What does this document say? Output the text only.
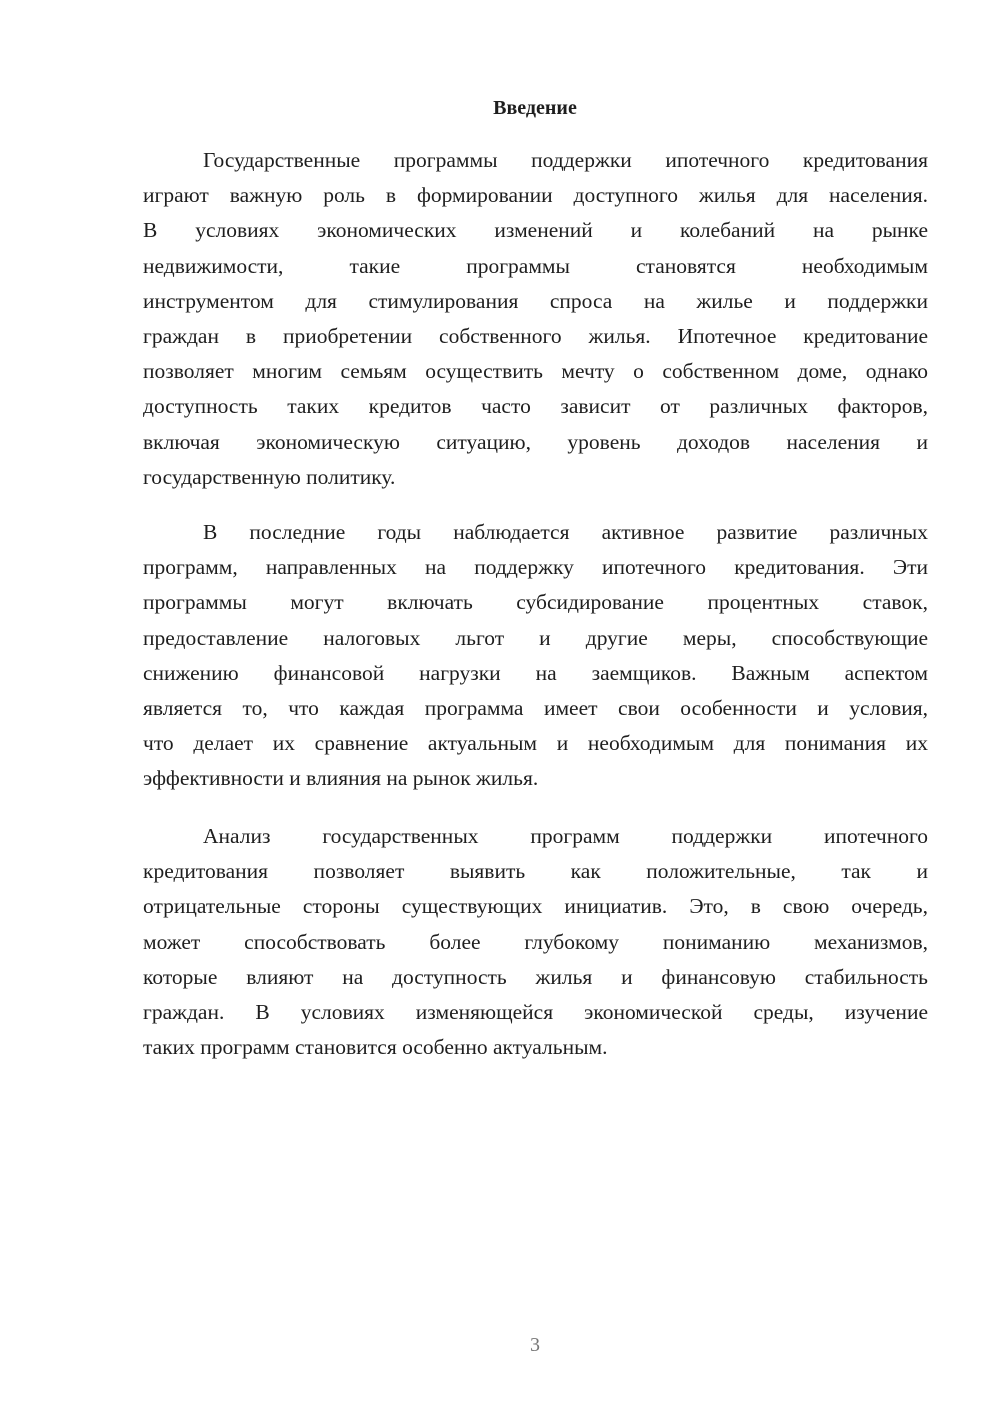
Введение
Государственные программы поддержки ипотечного кредитования
играют важную роль в формировании доступного жилья для населения.
В условиях экономических изменений и колебаний на рынке
недвижимости, такие программы становятся необходимым
инструментом для стимулирования спроса на жилье и поддержки
граждан в приобретении собственного жилья. Ипотечное кредитование
позволяет многим семьям осуществить мечту о собственном доме, однако
доступность таких кредитов часто зависит от различных факторов,
включая экономическую ситуацию, уровень доходов населения и
государственную политику.
В последние годы наблюдается активное развитие различных
программ, направленных на поддержку ипотечного кредитования. Эти
программы могут включать субсидирование процентных ставок,
предоставление налоговых льгот и другие меры, способствующие
снижению финансовой нагрузки на заемщиков. Важным аспектом
является то, что каждая программа имеет свои особенности и условия,
что делает их сравнение актуальным и необходимым для понимания их
эффективности и влияния на рынок жилья.
Анализ государственных программ поддержки ипотечного
кредитования позволяет выявить как положительные, так и
отрицательные стороны существующих инициатив. Это, в свою очередь,
может способствовать более глубокому пониманию механизмов,
которые влияют на доступность жилья и финансовую стабильность
граждан. В условиях изменяющейся экономической среды, изучение
таких программ становится особенно актуальным.
3
